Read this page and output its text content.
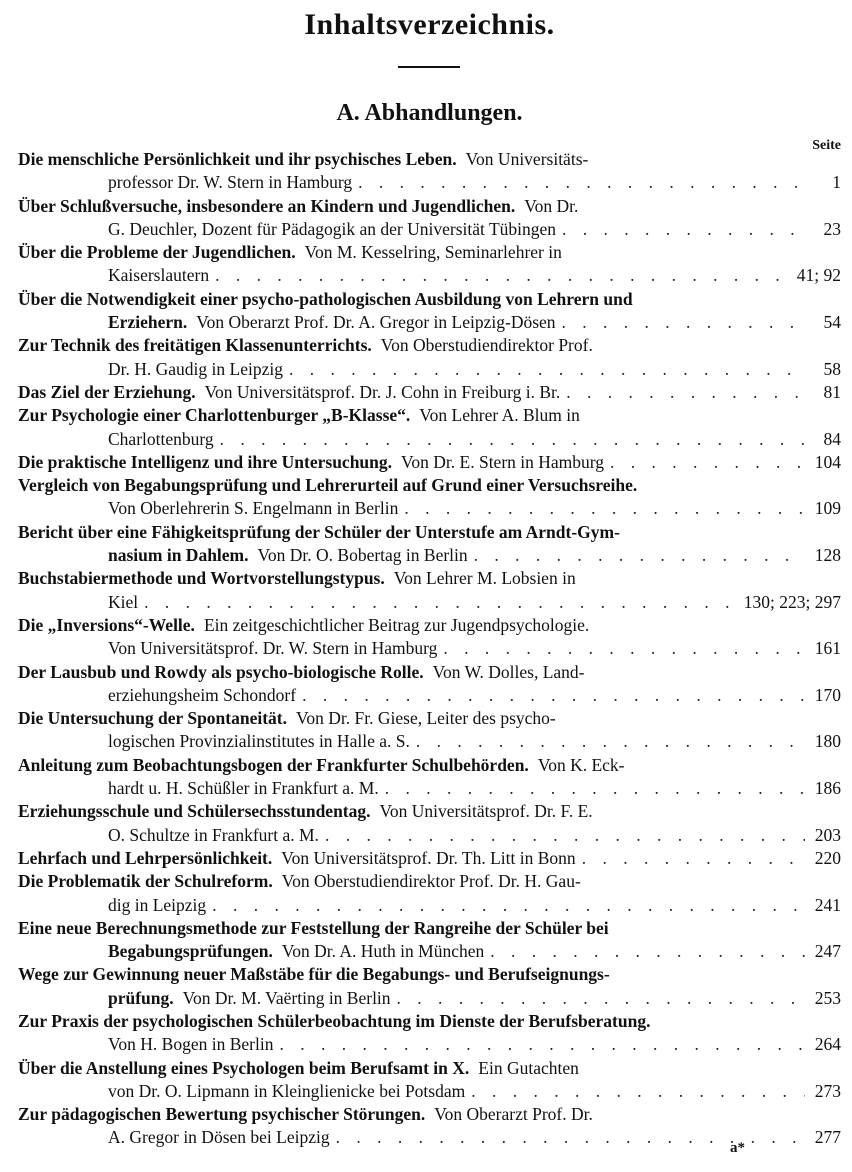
Inhaltsverzeichnis.
A. Abhandlungen.
Seite
Die menschliche Persönlichkeit und ihr psychisches Leben. Von Universitäts-
professor Dr. W. Stern in Hamburg . . .	1
Über Schlußversuche, insbesondere an Kindern und Jugendlichen. Von Dr.
G. Deuchler, Dozent für Pädagogik an der Universität Tübingen . . .	23
Über die Probleme der Jugendlichen. Von M. Kesselring, Seminarlehrer in
Kaiserslautern . . .	41; 92
Über die Notwendigkeit einer psycho-pathologischen Ausbildung von Lehrern und
Erziehern. Von Oberarzt Prof. Dr. A. Gregor in Leipzig-Dösen . . .	54
Zur Technik des freitätigen Klassenunterrichts. Von Oberstudiendirektor Prof.
Dr. H. Gaudig in Leipzig . . .	58
Das Ziel der Erziehung. Von Universitätsprof. Dr. J. Cohn in Freiburg i. Br. . . .	81
Zur Psychologie einer Charlottenburger „B-Klasse“. Von Lehrer A. Blum in
Charlottenburg . . .	84
Die praktische Intelligenz und ihre Untersuchung. Von Dr. E. Stern in Hamburg . . .	104
Vergleich von Begabungsprüfung und Lehrerurteil auf Grund einer Versuchsreihe.
Von Oberlehrerin S. Engelmann in Berlin . . .	109
Bericht über eine Fähigkeitsprüfung der Schüler der Unterstufe am Arndt-Gym-
nasium in Dahlem. Von Dr. O. Bobertag in Berlin . . .	128
Buchstabiermethode und Wortvorstellungstypus. Von Lehrer M. Lobsien in
Kiel . . .	130; 223; 297
Die „Inversions“-Welle. Ein zeitgeschichtlicher Beitrag zur Jugendpsychologie.
Von Universitätsprof. Dr. W. Stern in Hamburg . . .	161
Der Lausbub und Rowdy als psycho-biologische Rolle. Von W. Dolles, Land-
erziehungsheim Schondorf . . .	170
Die Untersuchung der Spontaneität. Von Dr. Fr. Giese, Leiter des psycho-
logischen Provinzialinstitutes in Halle a. S. . . .	180
Anleitung zum Beobachtungsbogen der Frankfurter Schulbehörden. Von K. Eck-
hardt u. H. Schüßler in Frankfurt a. M. . . .	186
Erziehungsschule und Schülersechsstundentag. Von Universitätsprof. Dr. F. E.
O. Schultze in Frankfurt a. M. . . .	203
Lehrfach und Lehrpersönlichkeit. Von Universitätsprof. Dr. Th. Litt in Bonn . . .	220
Die Problematik der Schulreform. Von Oberstudiendirektor Prof. Dr. H. Gau-
dig in Leipzig . . .	241
Eine neue Berechnungsmethode zur Feststellung der Rangreihe der Schüler bei
Begabungsprüfungen. Von Dr. A. Huth in München . . .	247
Wege zur Gewinnung neuer Maßstäbe für die Begabungs- und Berufseignungs-
prüfung. Von Dr. M. Vaërting in Berlin . . .	253
Zur Praxis der psychologischen Schülerbeobachtung im Dienste der Berufsberatung.
Von H. Bogen in Berlin . . .	264
Über die Anstellung eines Psychologen beim Berufsamt in X. Ein Gutachten
von Dr. O. Lipmann in Kleinglienicke bei Potsdam . . .	273
Zur pädagogischen Bewertung psychischer Störungen. Von Oberarzt Prof. Dr.
A. Gregor in Dösen bei Leipzig . . .	277
a*
